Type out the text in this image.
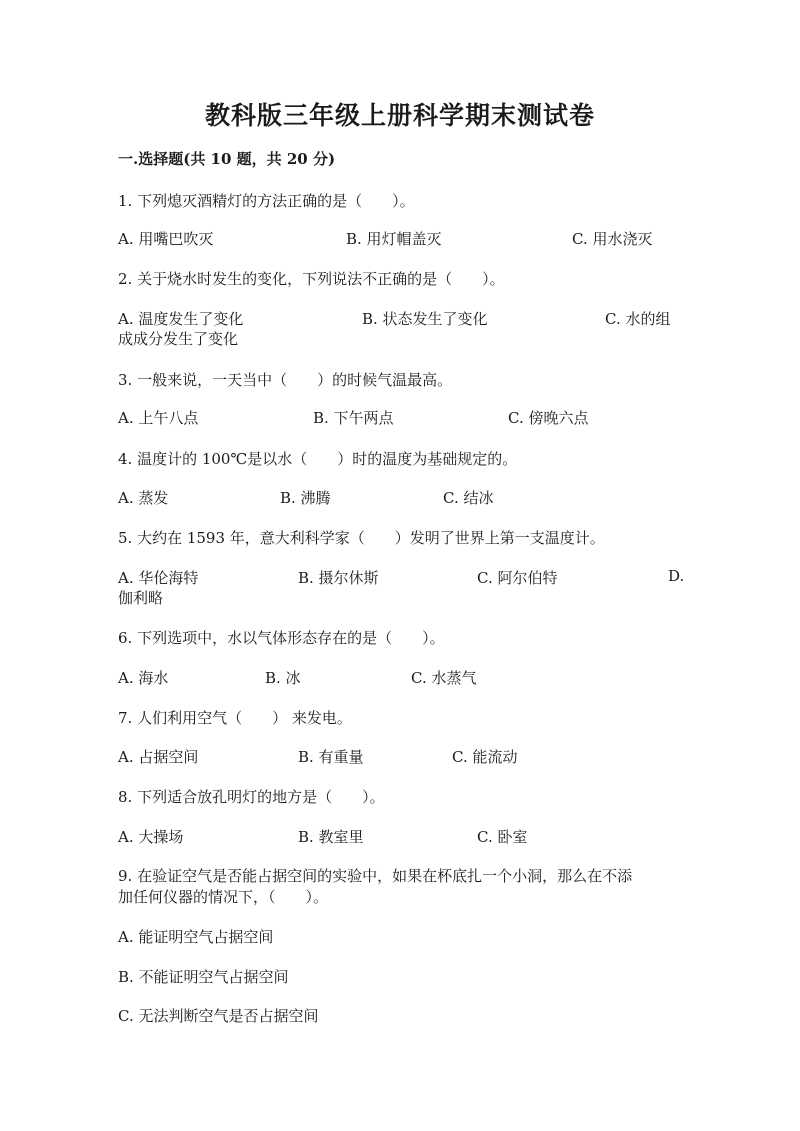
教科版三年级上册科学期末测试卷
一.选择题(共 10 题，共 20 分)
1. 下列熄灭酒精灯的方法正确的是（　　）。
A. 用嘴巴吹灭	B. 用灯帽盖灭	C. 用水浇灭
2. 关于烧水时发生的变化，下列说法不正确的是（　　）。
A. 温度发生了变化	B. 状态发生了变化	C. 水的组
成成分发生了变化
3. 一般来说，一天当中（　　）的时候气温最高。
A. 上午八点	B. 下午两点	C. 傍晚六点
4. 温度计的 100℃是以水（　　）时的温度为基础规定的。
A. 蒸发	B. 沸腾	C. 结冰
5. 大约在 1593 年，意大利科学家（　　）发明了世界上第一支温度计。
A. 华伦海特	B. 摄尔休斯	C. 阿尔伯特	D.
伽利略
6. 下列选项中，水以气体形态存在的是（　　）。
A. 海水	B. 冰	C. 水蒸气
7. 人们利用空气（　　） 来发电。
A. 占据空间	B. 有重量	C. 能流动
8. 下列适合放孔明灯的地方是（　　）。
A. 大操场	B. 教室里	C. 卧室
9. 在验证空气是否能占据空间的实验中，如果在杯底扎一个小洞，那么在不添
加任何仪器的情况下，（　　）。
A. 能证明空气占据空间
B. 不能证明空气占据空间
C. 无法判断空气是否占据空间
